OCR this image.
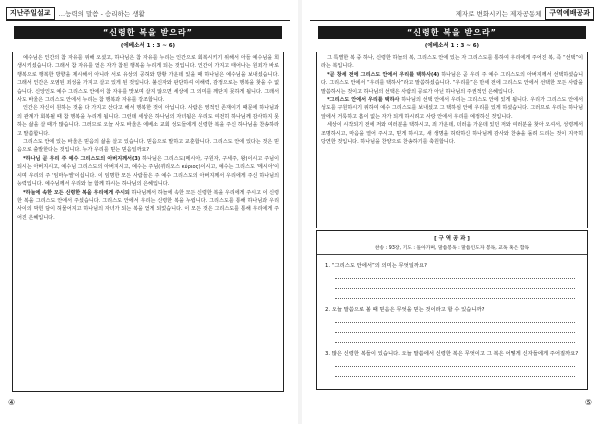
지난주일설교	…능력의 말씀 - 승리하는 생활
“신령한 복을 받으라”
(에베소서 1 : 3 ~ 6)

예수님은 인간의 참 자유를 위해 오셨고, 하나님은 참 자유를 누리는 인간으로 회복시키기 위해서 아들 예수님을 희생시키셨습니다. 그래서 참 자유를 얻은 자가 참된 행복을 누리게 되는 것입니다. 인간이 가지고 태어나는 원죄가 바로 행복으로 행복한 방향을 제시해서 아니라 서로 유상의 공허와 방황 가운데 있을 때 하나님은 예수님을 보내셨습니다. 그래서 인간은 오염된 죄성을 가지고 살고 있게 된 것입니다. 불신자와 판단하셔 이해력, 감정으로는 행복을 찾을 수 없습니다. 신앙인도 예수 그리스도 안에서 참 자유를 맛보며 살지 않으면 세상에 그 의미를 깨닫지 못하게 됩니다. 그래서 사도 바울은 그리스도 안에서 누리는 참 행복과 자유를 강조합니다.

인간은 자신이 원하는 것을 다 가지고 산다고 해서 행복한 것이 아닙니다. 사람은 영적인 존재이기 때문에 하나님과의 관계가 회복될 때 참 행복을 누리게 됩니다. 그런데 세상은 하나님의 자녀됨은 우리도 여전히 하나님께 감사하지 못하는 삶을 살 때가 많습니다. 그러므로 오늘 사도 바울은 에베소 교회 성도들에게 신령한 복을 주신 하나님을 찬송하라고 말씀합니다.

그리스도 안에 있는 바울은 믿음의 삶을 살고 있습니다. 믿음으로 말하고 교훈합니다. 그리스도 안에 있다는 것은 믿음으로 출발한다는 것입니다. 누가 우리를 믿는 믿음일까요?

*하나님 곧 우리 주 예수 그리스도의 아버지께서(3) 하나님은 그리스도(메시아, 구원자, 구세주, 왕)이시고 주님이 되시는 아버지시고, 예수님 그리스도의 아버지시고, 예수는 주님(퀴리오스 κύριος)이시고, 예수는 그리스도 '메시아'이시며 우리의 주 '임마누엘'이십니다. 이 임명한 모든 사람들은 주 예수 그리스도의 아버지께서 우리에게 주신 하나님의 능력입니다. 예수님께서 우리와 늘 함께 하시는 하나님의 은혜입니다.

*하늘에 속한 모든 신령한 복을 우리에게 주시되 하나님께서 하늘에 속한 모든 신령한 복을 우리에게 주시고 이 신령한 복을 그리스도 안에서 주셨습니다. 그리스도 안에서 우리는 신령한 복을 누립니다. 그리스도를 통해 하나님과 우리 사이의 막힌 담이 허물어지고 하나님의 자녀가 되는 복을 얻게 되었습니다. 이 모든 것은 그리스도를 통해 우리에게 주어진 은혜입니다.

④
제자로 변화시키는 제자공동체	구역예배공과
“신령한 복을 받으라”
(에베소서 1 : 3 ~ 6)

그 특별한 복 중 하나, 신령한 하늘의 복, 그리스도 안에 있는 자 그리스도를 통하여 우리에게 주어진 복, 즉 “선택”이라는 복입니다.

*곧 창세 전에 그리스도 안에서 우리를 택하사(4) 하나님은 곧 우리 주 예수 그리스도의 아버지께서 선택하셨습니다. 그리스도 안에서 “우리를 택하사”라고 말씀하셨습니다. “우리를”은 만세 전에 그리스도 안에서 선택한 모든 사람을 말씀하시는 것이고 하나님의 선택은 사람의 공로가 아닌 하나님의 주권적인 은혜입니다.

*그리스도 안에서 우리를 택하사 하나님의 선택 안에서 우리는 그리스도 안에 있게 됩니다. 우리가 그리스도 안에서 성도를 구원하시기 위하여 예수 그리스도를 보내셨고 그 택하심 안에 우리를 있게 하셨습니다. 그러므로 우리는 하나님 앞에서 거룩하고 흠이 없는 자가 되게 하시려고 사랑 안에서 우리를 예정하신 것입니다.

세상이 시작되기 전에 저와 여러분을 택하시고, 죄 가운데, 더러움 가운데 있던 저와 여러분을 찾아 오셔서, 성령께서 조명하시고, 마음을 열어 주시고, 믿게 하시고, 새 생명을 허락하신 하나님께 감사와 찬송을 돌려 드리는 것이 지극히 당연한 것입니다. 하나님을 찬양으로 찬송하기를 축원합니다.

[ 구 역 공 과 ]
찬송 : 93장, 기도 : 돌아가며, 말씀봉독 : 말씀인도자 봉독, 교독 혹은 합독
1. “그리스도 안에서”의 의미는 무엇일까요?
2. 오늘 말씀으로 볼 때 믿음은 무엇을 믿는 것이라고 할 수 있습니까?
3. 많은 신령한 복들이 있습니다. 오늘 말씀에서 신령한 복은 무엇이고 그 복은 어떻게 신자들에게 주어질까요?
⑤
